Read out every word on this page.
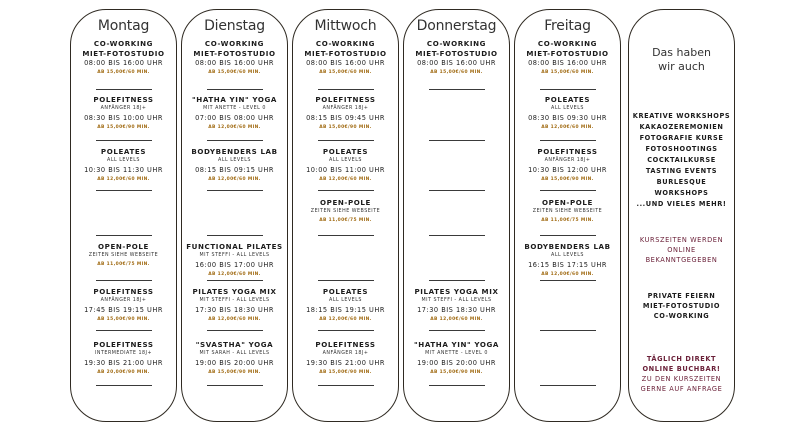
Montag
CO-WORKING
MIET-FOTOSTUDIO
08:00 BIS 16:00 UHR
AB 15,00€/60 MIN.
POLEFITNESS
ANFÄNGER 18J+
08:30 BIS 10:00 UHR
AB 15,00€/90 MIN.
POLEATES
ALL LEVELS
10:30 BIS 11:30 UHR
AB 12,00€/60 MIN.
OPEN-POLE
ZEITEN SIEHE WEBSEITE
AB 11,00€/75 MIN.
POLEFITNESS
ANFÄNGER 18J+
17:45 BIS 19:15 UHR
AB 15,00€/90 MIN.
POLEFITNESS
INTERMEDIATE 18J+
19:30 BIS 21:00 UHR
AB 20,00€/90 MIN.
Dienstag
CO-WORKING
MIET-FOTOSTUDIO
08:00 BIS 16:00 UHR
AB 15,00€/60 MIN.
"HATHA YIN" YOGA
MIT ANETTE - LEVEL 0
07:00 BIS 08:00 UHR
AB 12,00€/60 MIN.
BODYBENDERS LAB
ALL LEVELS
08:15 BIS 09:15 UHR
AB 12,00€/60 MIN.
FUNCTIONAL PILATES
MIT STEFFI - ALL LEVELS
16:00 BIS 17:00 UHR
AB 12,00€/60 MIN.
PILATES YOGA MIX
MIT STEFFI - ALL LEVELS
17:30 BIS 18:30 UHR
AB 12,00€/60 MIN.
"SVASTHA" YOGA
MIT SARAH - ALL LEVELS
19:00 BIS 20:00 UHR
AB 15,00€/90 MIN.
Mittwoch
CO-WORKING
MIET-FOTOSTUDIO
08:00 BIS 16:00 UHR
AB 15,00€/60 MIN.
POLEFITNESS
ANFÄNGER 18J+
08:15 BIS 09:45 UHR
AB 15,00€/90 MIN.
POLEATES
ALL LEVELS
10:00 BIS 11:00 UHR
AB 12,00€/60 MIN.
OPEN-POLE
ZEITEN SIEHE WEBSEITE
AB 11,00€/75 MIN.
POLEATES
ALL LEVELS
18:15 BIS 19:15 UHR
AB 12,00€/60 MIN.
POLEFITNESS
ANFÄNGER 18J+
19:30 BIS 21:00 UHR
AB 15,00€/90 MIN.
Donnerstag
CO-WORKING
MIET-FOTOSTUDIO
08:00 BIS 16:00 UHR
AB 15,00€/60 MIN.
PILATES YOGA MIX
MIT STEFFI - ALL LEVELS
17:30 BIS 18:30 UHR
AB 12,00€/60 MIN.
"HATHA YIN" YOGA
MIT ANETTE - LEVEL 0
19:00 BIS 20:00 UHR
AB 15,00€/90 MIN.
Freitag
CO-WORKING
MIET-FOTOSTUDIO
08:00 BIS 16:00 UHR
AB 15,00€/60 MIN.
POLEATES
ALL LEVELS
08:30 BIS 09:30 UHR
AB 12,00€/60 MIN.
POLEFITNESS
ANFÄNGER 18J+
10:30 BIS 12:00 UHR
AB 15,00€/90 MIN.
OPEN-POLE
ZEITEN SIEHE WEBSEITE
AB 11,00€/75 MIN.
BODYBENDERS LAB
ALL LEVELS
16:15 BIS 17:15 UHR
AB 12,00€/60 MIN.
Das haben
wir auch
KREATIVE WORKSHOPS
KAKAOZEREMONIEN
FOTOGRAFIE KURSE
FOTOSHOOTINGS
COCKTAILKURSE
TASTING EVENTS
BURLESQUE WORKSHOPS
...UND VIELES MEHR!
KURSZEITEN WERDEN
ONLINE
BEKANNTGEGEBEN
PRIVATE FEIERN
MIET-FOTOSTUDIO
CO-WORKING
TÄGLICH DIREKT
ONLINE BUCHBAR!
ZU DEN KURSZEITEN
GERNE AUF ANFRAGE
